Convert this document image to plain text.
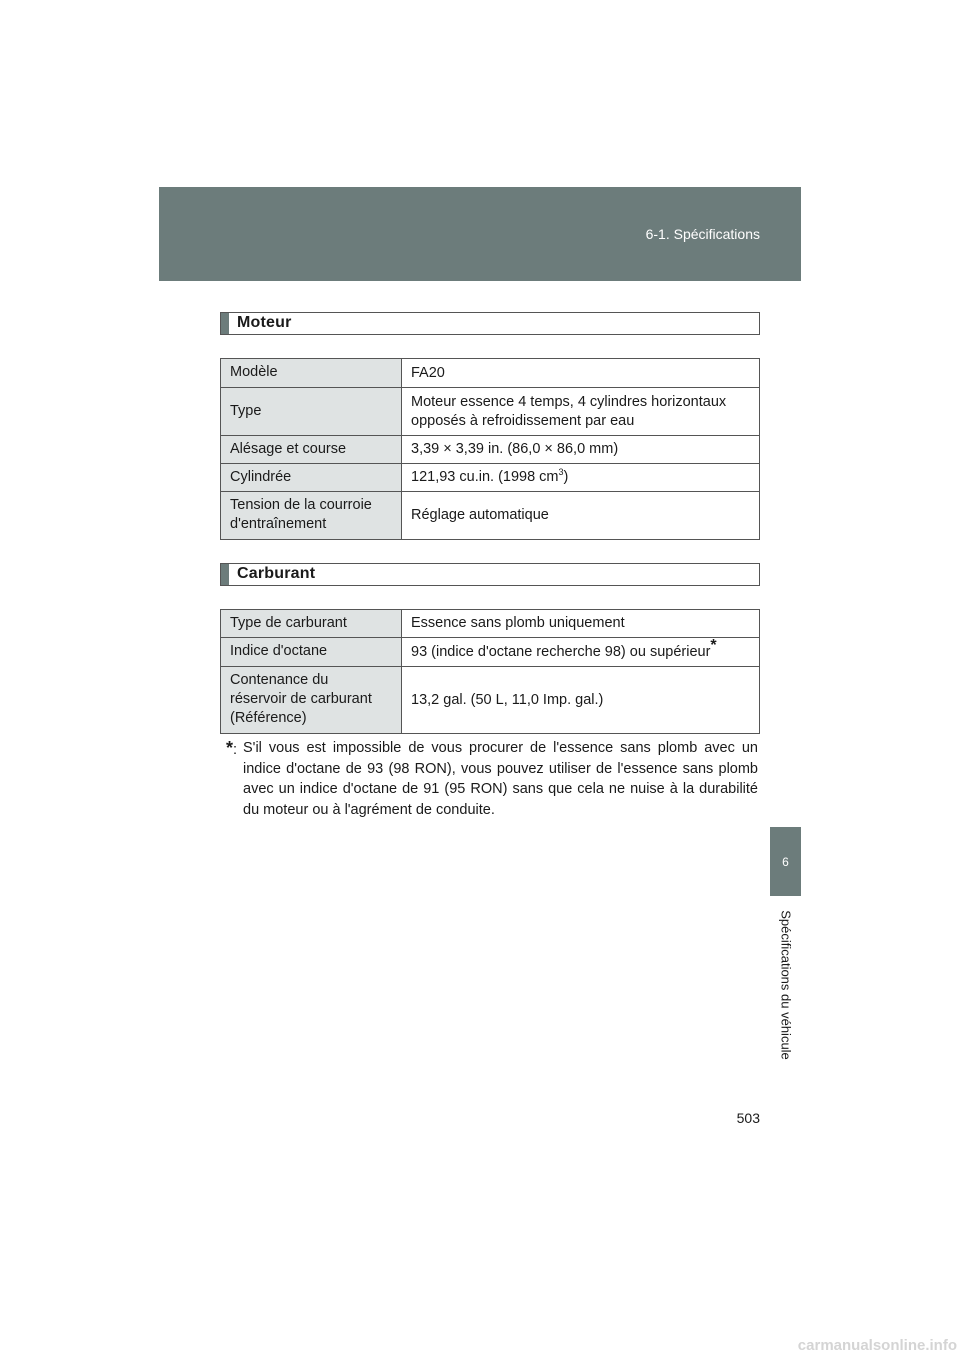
6-1. Spécifications
6
Spécifications du véhicule
Moteur
Modèle	FA20
Type	Moteur essence 4 temps, 4 cylindres horizontaux
opposés à refroidissement par eau
Alésage et course	3,39 × 3,39 in. (86,0 × 86,0 mm)
Cylindrée	121,93 cu.in. (1998 $cm^3$)
Tension de la courroie
d'entraînement	Réglage automatique
Carburant
Type de carburant	Essence sans plomb uniquement
Indice d'octane	93 (indice d'octane recherche 98) ou supérieur*
Contenance du
réservoir de carburant
(Référence)	13,2 gal. (50 L, 11,0 Imp. gal.)
*: S'il vous est impossible de vous procurer de l'essence sans plomb avec un indice d'octane de 93 (98 RON), vous pouvez utiliser de l'essence sans plomb avec un indice d'octane de 91 (95 RON) sans que cela ne nuise à la durabilité du moteur ou à l'agrément de conduite.
503
carmanualsonline.info
